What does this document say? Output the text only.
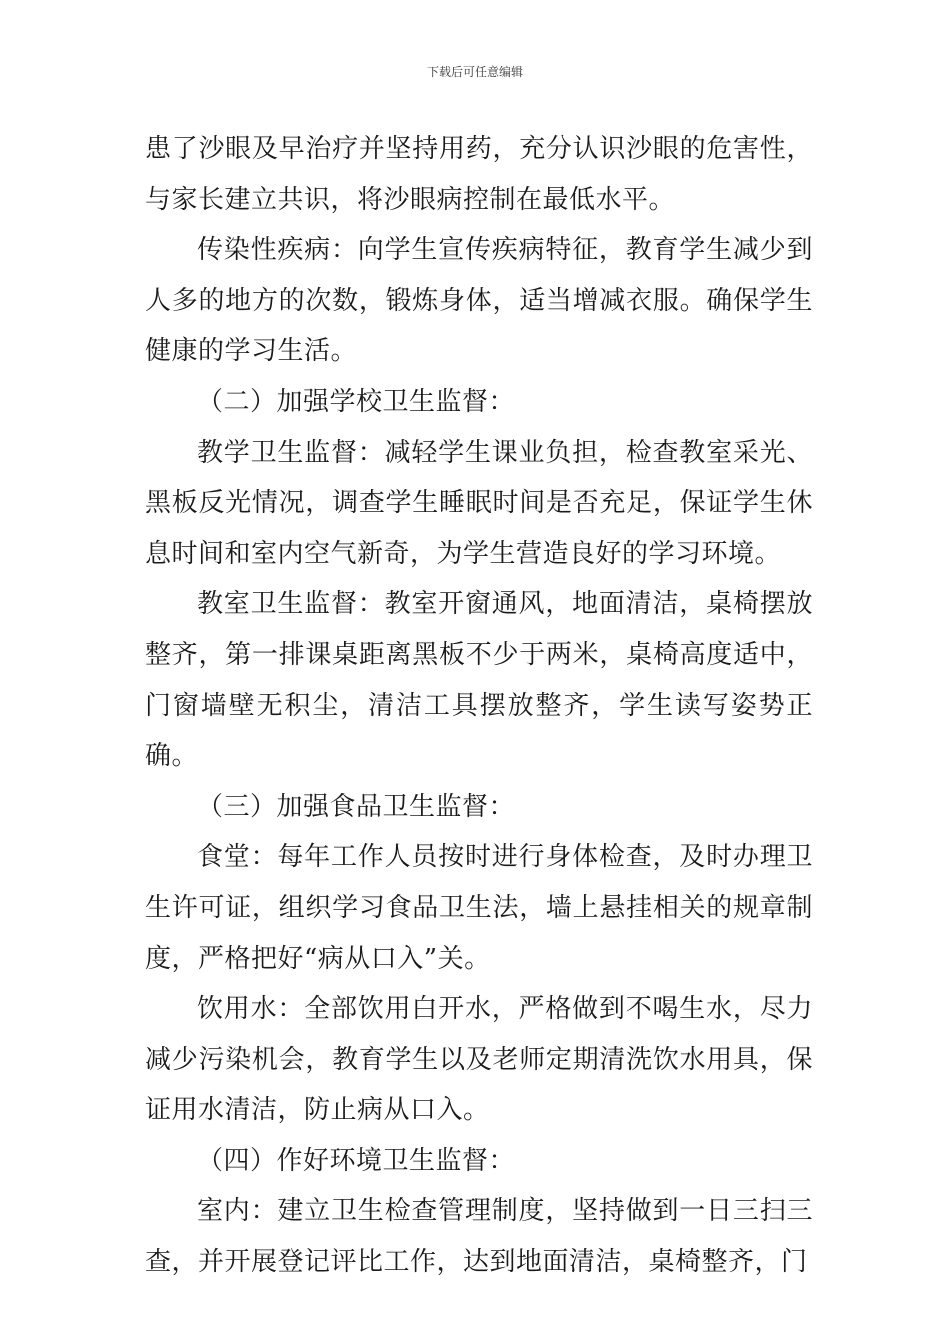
下载后可任意编辑

患了沙眼及早治疗并坚持用药，充分认识沙眼的危害性，与家长建立共识，将沙眼病控制在最低水平。

传染性疾病：向学生宣传疾病特征，教育学生减少到人多的地方的次数，锻炼身体，适当增减衣服。确保学生健康的学习生活。

（二）加强学校卫生监督：

教学卫生监督：减轻学生课业负担，检查教室采光、黑板反光情况，调查学生睡眠时间是否充足，保证学生休息时间和室内空气新奇，为学生营造良好的学习环境。

教室卫生监督：教室开窗通风，地面清洁，桌椅摆放整齐，第一排课桌距离黑板不少于两米，桌椅高度适中，门窗墙壁无积尘，清洁工具摆放整齐，学生读写姿势正确。

（三）加强食品卫生监督：

食堂：每年工作人员按时进行身体检查，及时办理卫生许可证，组织学习食品卫生法，墙上悬挂相关的规章制度，严格把好“病从口入”关。

饮用水：全部饮用白开水，严格做到不喝生水，尽力减少污染机会，教育学生以及老师定期清洗饮水用具，保证用水清洁，防止病从口入。

（四）作好环境卫生监督：

室内：建立卫生检查管理制度，坚持做到一日三扫三查，并开展登记评比工作，达到地面清洁，桌椅整齐，门
